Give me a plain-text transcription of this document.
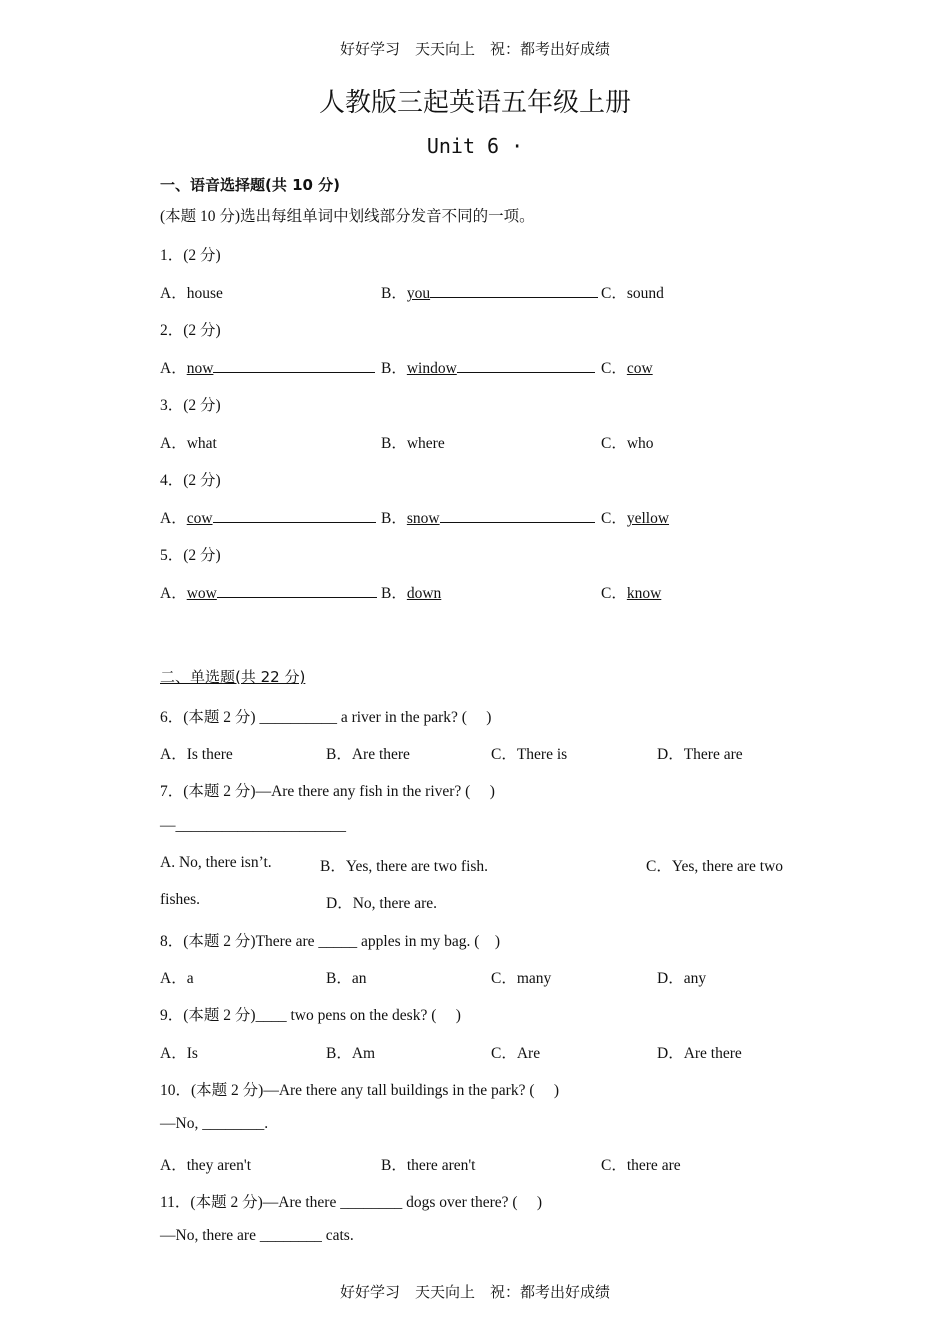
好好学习　天天向上　祝：都考出好成绩
人教版三起英语五年级上册
Unit 6 ·
一、语音选择题(共 10 分)
(本题 10 分)选出每组单词中划线部分发音不同的一项。
1．(2 分)
A．house	B．you	C．sound
2．(2 分)
A．now	B．window	C．cow
3．(2 分)
A．what	B．where	C．who
4．(2 分)
A．cow	B．snow	C．yellow
5．(2 分)
A．wow	B．down	C．know
二、单选题(共 22 分)
6．(本题 2 分) __________ a river in the park? (　 )
A．Is there	B．Are there	C．There is	D．There are
7．(本题 2 分)—Are there any fish in the river? (　 )
—______________________
A. No, there isn’t.	B．Yes, there are two fish.	C．Yes, there are two
fishes.	D．No, there are.
8．(本题 2 分)There are _____ apples in my bag. (　)
A．a	B．an	C．many	D．any
9．(本题 2 分)____ two pens on the desk? (　 )
A．Is	B．Am	C．Are	D．Are there
10．(本题 2 分)—Are there any tall buildings in the park? (　 )
—No, ________.
A．they aren't	B．there aren't	C．there are
11．(本题 2 分)—Are there ________ dogs over there? (　 )
—No, there are ________ cats.
好好学习　天天向上　祝：都考出好成绩
